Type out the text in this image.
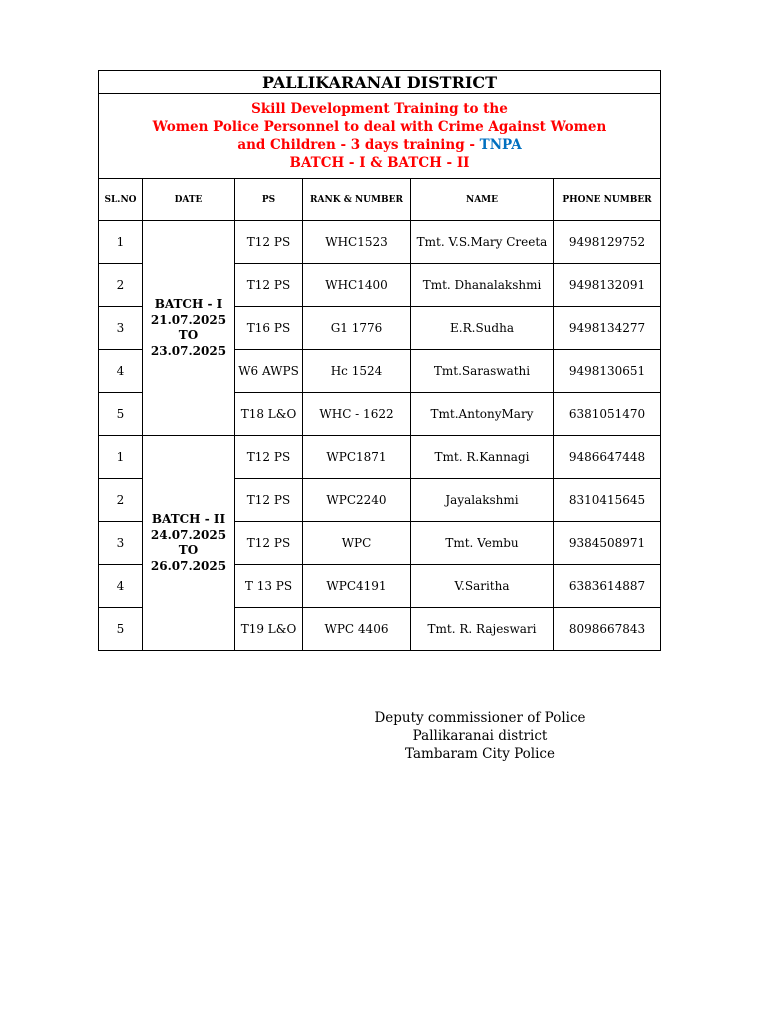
PALLIKARANAI DISTRICT					

Skill Development Training to the
Women Police Personnel to deal with Crime Against Women
and Children - 3 days training - TNPA
BATCH - I & BATCH - II					

SL.NO	DATE	PS	RANK & NUMBER	NAME	PHONE NUMBER
1	BATCH - I
21.07.2025
TO
23.07.2025	T12 PS	WHC1523	Tmt. V.S.Mary Creeta	9498129752
2		T12 PS	WHC1400	Tmt. Dhanalakshmi	9498132091
3		T16 PS	G1 1776	E.R.Sudha	9498134277
4		W6 AWPS	Hc 1524	Tmt.Saraswathi	9498130651
5		T18 L&O	WHC - 1622	Tmt.AntonyMary	6381051470
1	BATCH - II
24.07.2025
TO
26.07.2025	T12 PS	WPC1871	Tmt. R.Kannagi	9486647448
2		T12 PS	WPC2240	Jayalakshmi	8310415645
3		T12 PS	WPC	Tmt. Vembu	9384508971
4		T 13 PS	WPC4191	V.Saritha	6383614887
5		T19 L&O	WPC 4406	Tmt. R. Rajeswari	8098667843
Deputy commissioner of Police
Pallikaranai district
Tambaram City Police
